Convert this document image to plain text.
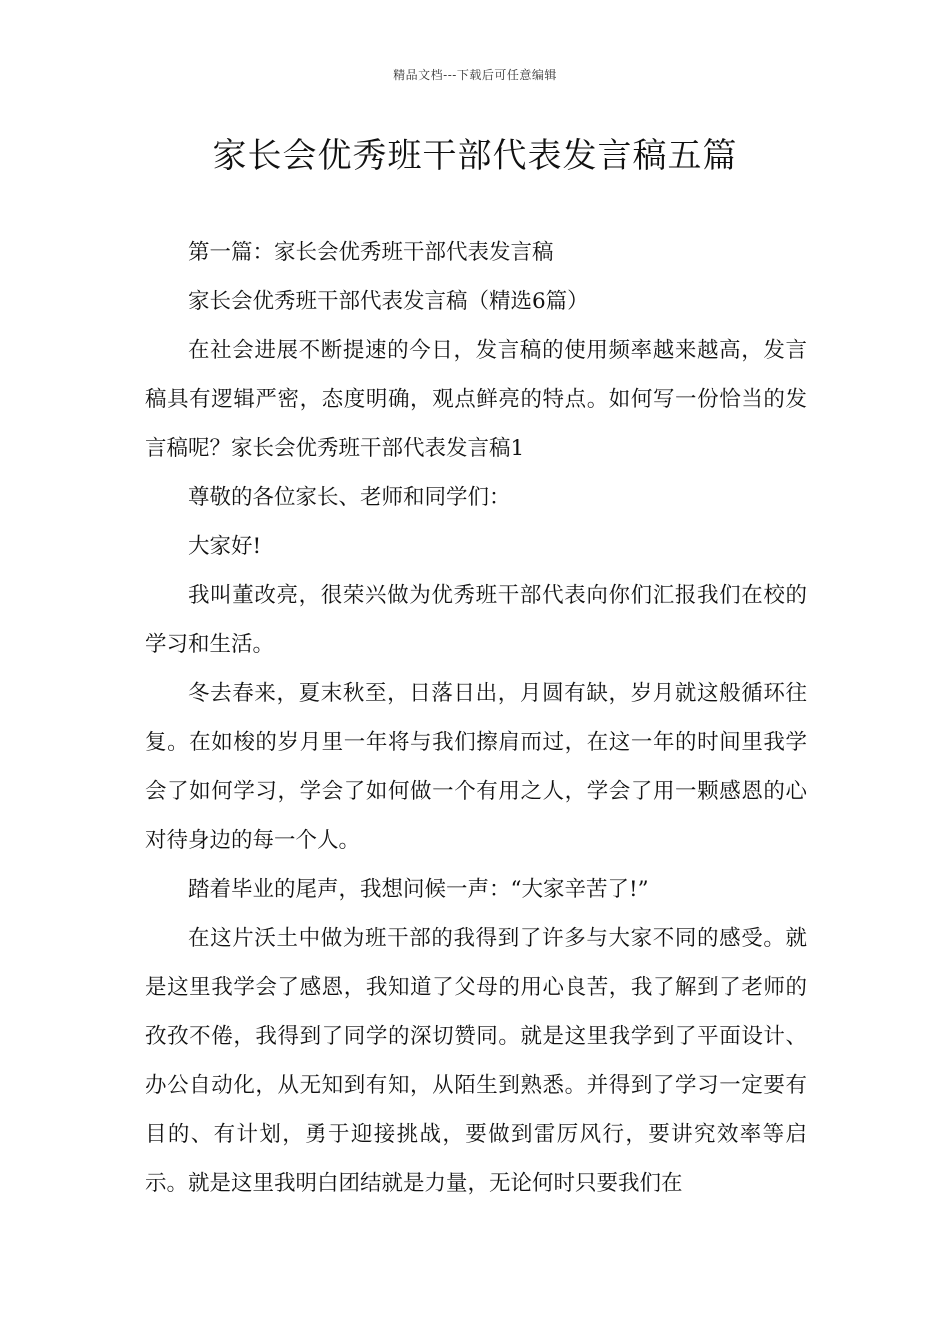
精品文档---下载后可任意编辑
家长会优秀班干部代表发言稿五篇

第一篇：家长会优秀班干部代表发言稿

家长会优秀班干部代表发言稿（精选6篇）

在社会进展不断提速的今日，发言稿的使用频率越来越高，发言稿具有逻辑严密，态度明确，观点鲜亮的特点。如何写一份恰当的发言稿呢？家长会优秀班干部代表发言稿1

尊敬的各位家长、老师和同学们：

大家好!

我叫董改亮，很荣兴做为优秀班干部代表向你们汇报我们在校的学习和生活。

冬去春来，夏末秋至，日落日出，月圆有缺，岁月就这般循环往复。在如梭的岁月里一年将与我们擦肩而过，在这一年的时间里我学会了如何学习，学会了如何做一个有用之人，学会了用一颗感恩的心对待身边的每一个人。

踏着毕业的尾声，我想问候一声：“大家辛苦了!”

在这片沃土中做为班干部的我得到了许多与大家不同的感受。就是这里我学会了感恩，我知道了父母的用心良苦，我了解到了老师的孜孜不倦，我得到了同学的深切赞同。就是这里我学到了平面设计、办公自动化，从无知到有知，从陌生到熟悉。并得到了学习一定要有目的、有计划，勇于迎接挑战，要做到雷厉风行，要讲究效率等启示。就是这里我明白团结就是力量，无论何时只要我们在
